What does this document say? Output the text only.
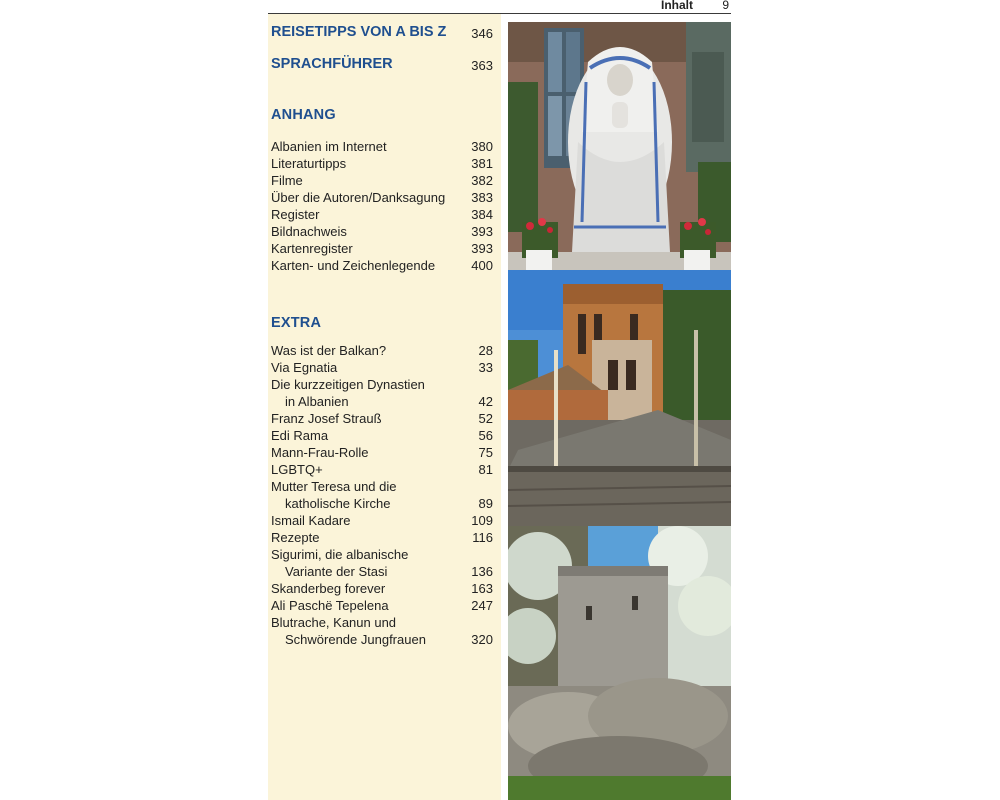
Inhalt 9
REISETIPPS VON A BIS Z 346
SPRACHFÜHRER	363
ANHANG
Albanien im Internet	380
Literaturtipps	381
Filme	382
Über die Autoren/Danksagung 383
Register	384
Bildnachweis	393
Kartenregister	393
Karten- und Zeichenlegende	400
EXTRA
Was ist der Balkan?	28
Via Egnatia	33
Die kurzzeitigen Dynastien
in Albanien	42
Franz Josef Strauß	52
Edi Rama	56
Mann-Frau-Rolle	75
LGBTQ+	81
Mutter Teresa und die
katholische Kirche	89
Ismail Kadare	109
Rezepte	116
Sigurimi, die albanische
Variante der Stasi	136
Skanderbeg forever	163
Ali Paschë Tepelena	247
Blutrache, Kanun und
Schwörende Jungfrauen	320
